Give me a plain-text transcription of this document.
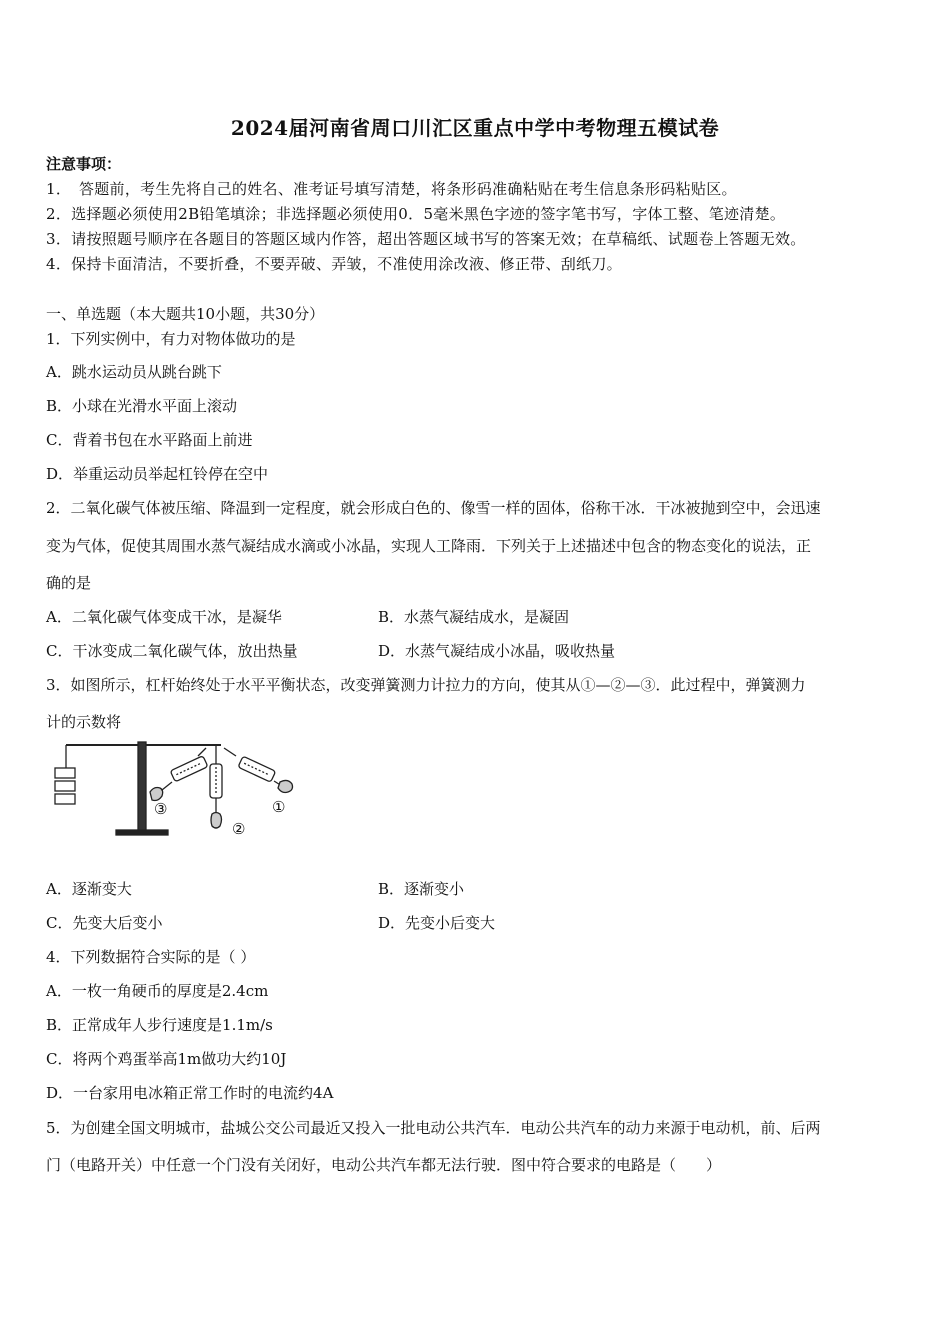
2024届河南省周口川汇区重点中学中考物理五模试卷
注意事项：
1．　答题前，考生先将自己的姓名、准考证号填写清楚，将条形码准确粘贴在考生信息条形码粘贴区。
2．选择题必须使用2B铅笔填涂；非选择题必须使用0．5毫米黑色字迹的签字笔书写，字体工整、笔迹清楚。
3．请按照题号顺序在各题目的答题区域内作答，超出答题区域书写的答案无效；在草稿纸、试题卷上答题无效。
4．保持卡面清洁，不要折叠，不要弄破、弄皱，不准使用涂改液、修正带、刮纸刀。
一、单选题（本大题共10小题，共30分）
1．下列实例中，有力对物体做功的是
A．跳水运动员从跳台跳下
B．小球在光滑水平面上滚动
C．背着书包在水平路面上前进
D．举重运动员举起杠铃停在空中
2．二氧化碳气体被压缩、降温到一定程度，就会形成白色的、像雪一样的固体，俗称干冰．干冰被抛到空中，会迅速
变为气体，促使其周围水蒸气凝结成水滴或小冰晶，实现人工降雨．下列关于上述描述中包含的物态变化的说法，正
确的是
A．二氧化碳气体变成干冰，是凝华	B．水蒸气凝结成水，是凝固
C．干冰变成二氧化碳气体，放出热量	D．水蒸气凝结成小冰晶，吸收热量
3．如图所示，杠杆始终处于水平平衡状态，改变弹簧测力计拉力的方向，使其从①—②—③．此过程中，弹簧测力
计的示数将
③
②
①
A．逐渐变大	B．逐渐变小
C．先变大后变小	D．先变小后变大
4．下列数据符合实际的是（ ）
A．一枚一角硬币的厚度是2.4cm
B．正常成年人步行速度是1.1m/s
C．将两个鸡蛋举高1m做功大约10J
D．一台家用电冰箱正常工作时的电流约4A
5．为创建全国文明城市，盐城公交公司最近又投入一批电动公共汽车．电动公共汽车的动力来源于电动机，前、后两
门（电路开关）中任意一个门没有关闭好，电动公共汽车都无法行驶．图中符合要求的电路是（　　）
